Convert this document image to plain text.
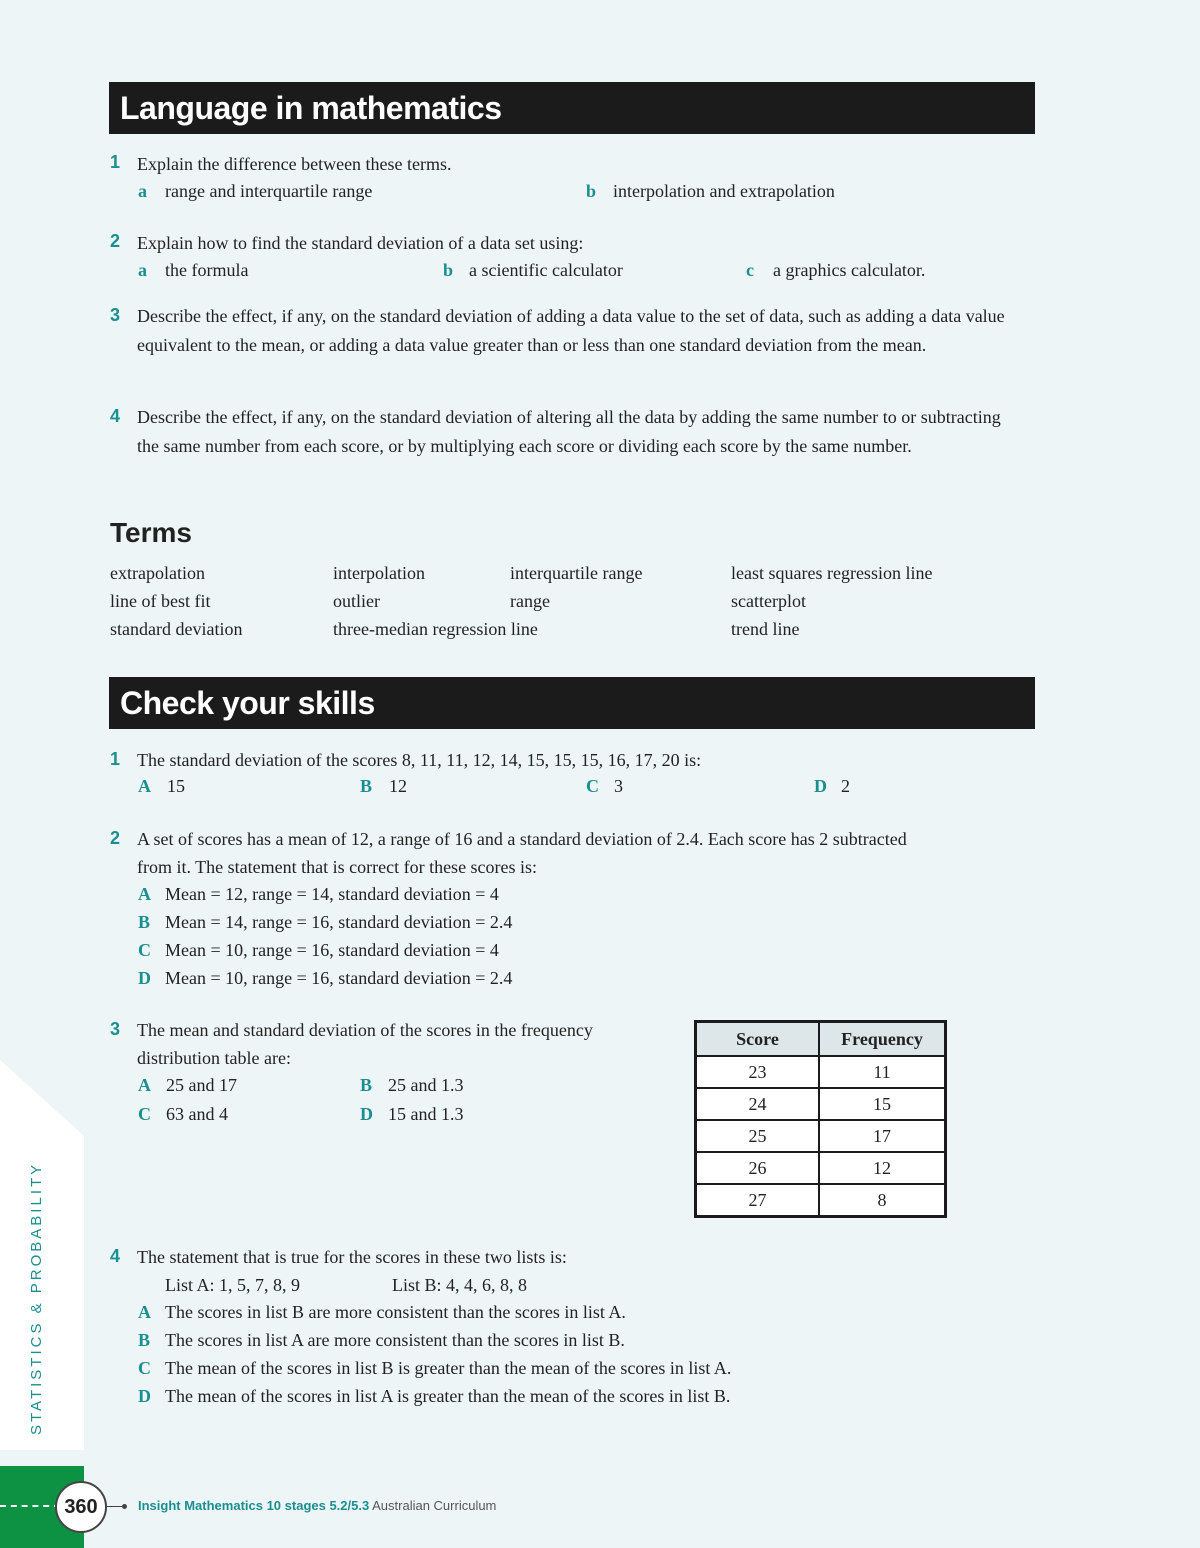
STATISTICS & PROBABILITY
360	Insight Mathematics 10 stages 5.2/5.3 Australian Curriculum
Language in mathematics
1 Explain the difference between these terms.
a range and interquartile range	b interpolation and extrapolation
2 Explain how to find the standard deviation of a data set using:
a the formula	b a scientific calculator	c a graphics calculator.
3 Describe the effect, if any, on the standard deviation of adding a data value to the set of data, such as adding a data value equivalent to the mean, or adding a data value greater than or less than one standard deviation from the mean.
4 Describe the effect, if any, on the standard deviation of altering all the data by adding the same number to or subtracting the same number from each score, or by multiplying each score or dividing each score by the same number.
Terms
extrapolation	interpolation	interquartile range	least squares regression line
line of best fit	outlier	range	scatterplot
standard deviation	three-median regression line	trend line
Check your skills
1 The standard deviation of the scores 8, 11, 11, 12, 14, 15, 15, 15, 16, 17, 20 is:
A 15	B 12	C 3	D 2
2 A set of scores has a mean of 12, a range of 16 and a standard deviation of 2.4. Each score has 2 subtracted
from it. The statement that is correct for these scores is:
A Mean = 12, range = 14, standard deviation = 4
B Mean = 14, range = 16, standard deviation = 2.4
C Mean = 10, range = 16, standard deviation = 4
D Mean = 10, range = 16, standard deviation = 2.4
3 The mean and standard deviation of the scores in the frequency
distribution table are:
A 25 and 17	B 25 and 1.3
C 63 and 4	D 15 and 1.3
Score	Frequency
23	11
24	15
25	17
26	12
27	8
4 The statement that is true for the scores in these two lists is:
List A: 1, 5, 7, 8, 9	List B: 4, 4, 6, 8, 8
A The scores in list B are more consistent than the scores in list A.
B The scores in list A are more consistent than the scores in list B.
C The mean of the scores in list B is greater than the mean of the scores in list A.
D The mean of the scores in list A is greater than the mean of the scores in list B.
